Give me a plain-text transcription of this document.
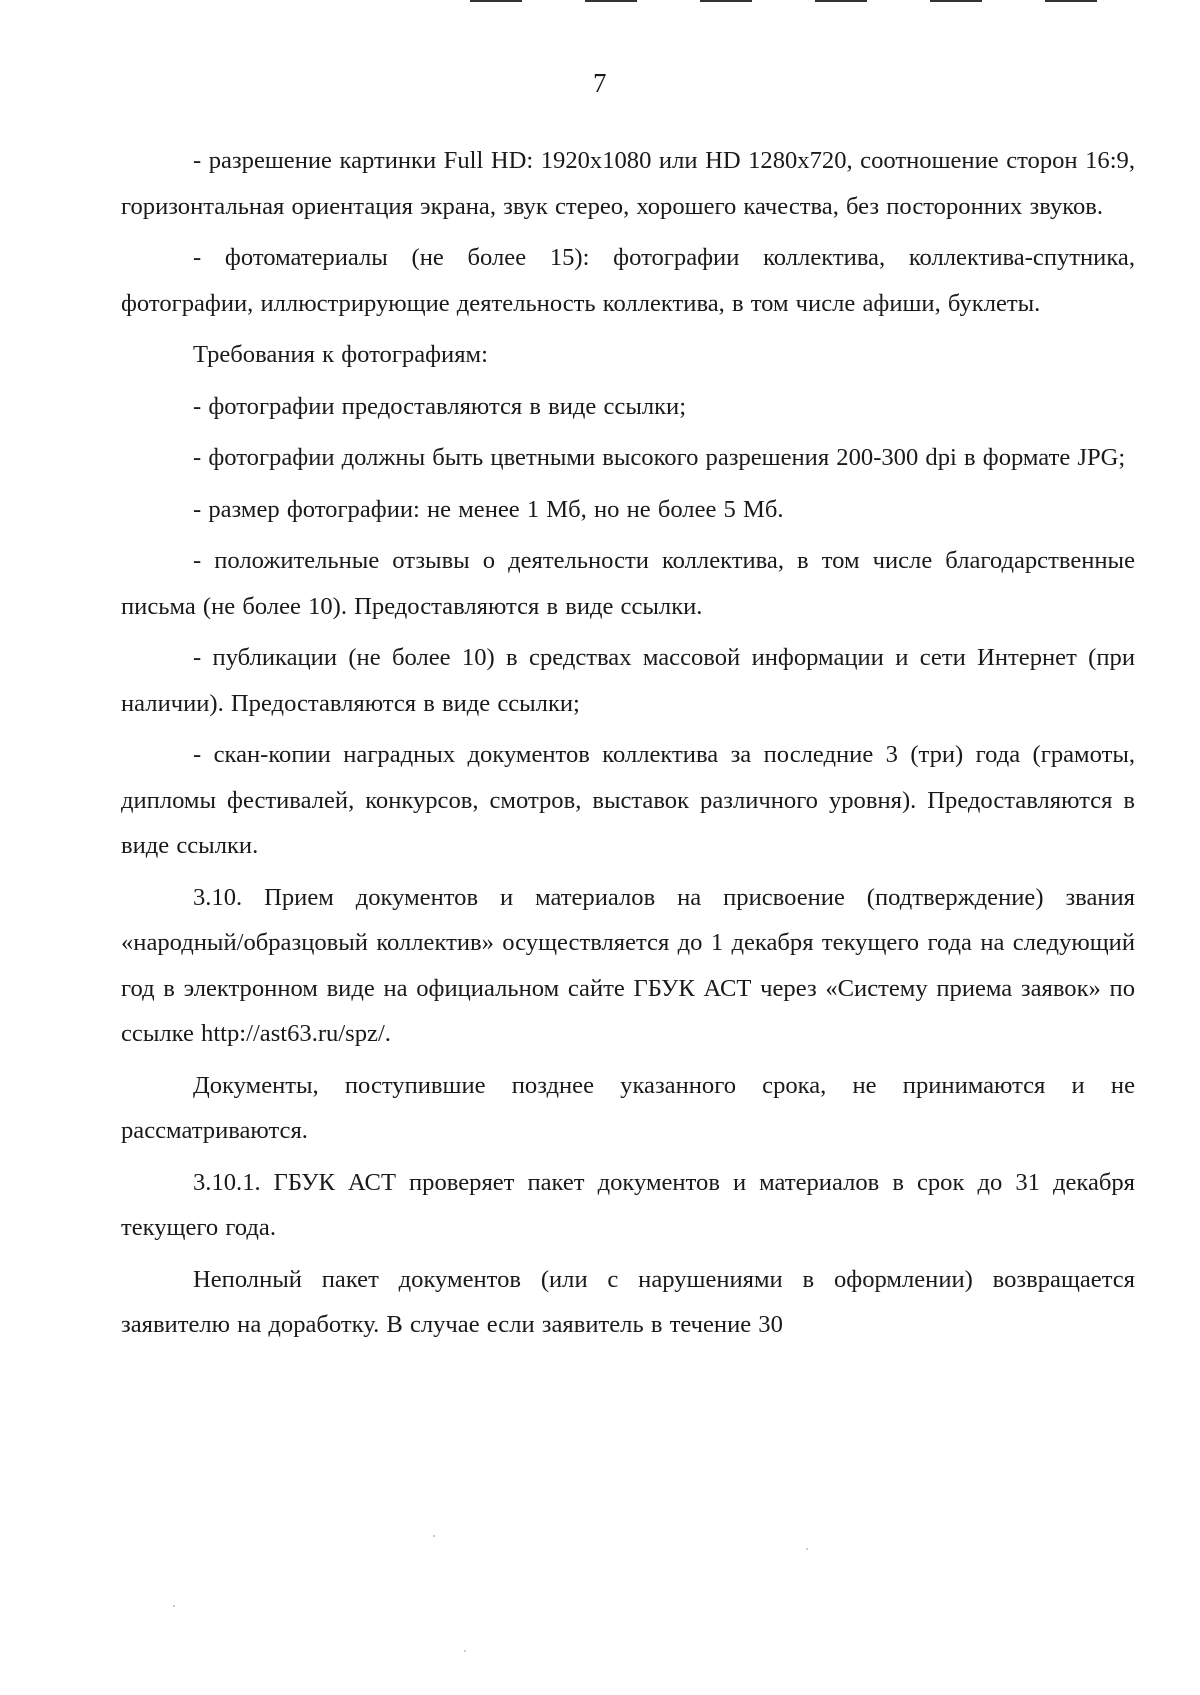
7

- разрешение картинки Full HD: 1920x1080 или HD 1280x720, соотношение сторон 16:9, горизонтальная ориентация экрана, звук стерео, хорошего качества, без посторонних звуков.

- фотоматериалы (не более 15): фотографии коллектива, коллектива-спутника, фотографии, иллюстрирующие деятельность коллектива, в том числе афиши, буклеты.

Требования к фотографиям:

- фотографии предоставляются в виде ссылки;

- фотографии должны быть цветными высокого разрешения 200-300 dpi в формате JPG;

- размер фотографии: не менее 1 Мб, но не более 5 Мб.

- положительные отзывы о деятельности коллектива, в том числе благодарственные письма (не более 10). Предоставляются в виде ссылки.

- публикации (не более 10) в средствах массовой информации и сети Интернет (при наличии). Предоставляются в виде ссылки;

- скан-копии наградных документов коллектива за последние 3 (три) года (грамоты, дипломы фестивалей, конкурсов, смотров, выставок различного уровня). Предоставляются в виде ссылки.

3.10. Прием документов и материалов на присвоение (подтверждение) звания «народный/образцовый коллектив» осуществляется до 1 декабря текущего года на следующий год в электронном виде на официальном сайте ГБУК АСТ через «Систему приема заявок» по ссылке http://ast63.ru/spz/.

Документы, поступившие позднее указанного срока, не принимаются и не рассматриваются.

3.10.1. ГБУК АСТ проверяет пакет документов и материалов в срок до 31 декабря текущего года.

Неполный пакет документов (или с нарушениями в оформлении) возвращается заявителю на доработку. В случае если заявитель в течение 30
